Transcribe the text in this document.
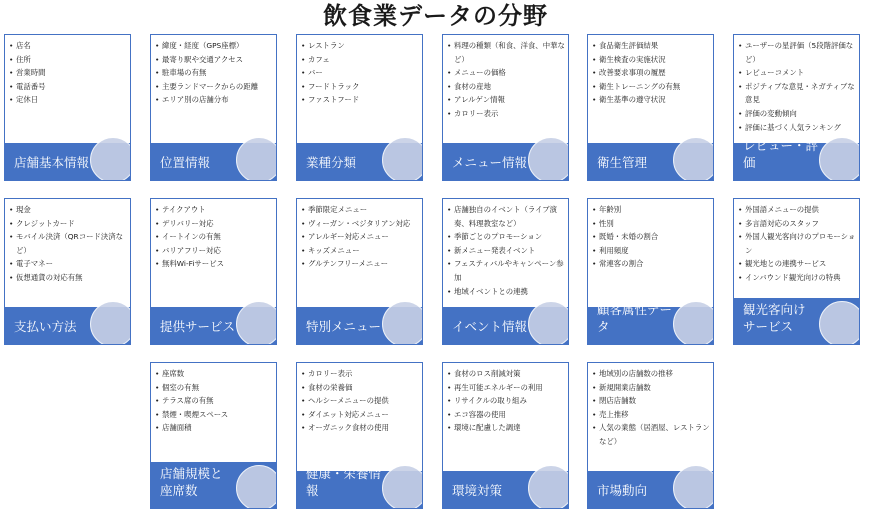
飲食業データの分野
• 店名
• 住所
• 営業時間
• 電話番号
• 定休日
店舗基本情報
• 緯度・経度（GPS座標）
• 最寄り駅や交通アクセス
• 駐車場の有無
• 主要ランドマークからの距離
• エリア別の店舗分布
位置情報
• レストラン
• カフェ
• バー
• フードトラック
• ファストフード
業種分類
• 料理の種類（和食、洋食、中華など）
• メニューの価格
• 食材の産地
• アレルゲン情報
• カロリー表示
メニュー情報
• 食品衛生評価結果
• 衛生検査の実施状況
• 改善要求事項の履歴
• 衛生トレーニングの有無
• 衛生基準の遵守状況
衛生管理
• ユーザーの星評価（5段階評価など）
• レビューコメント
• ポジティブな意見・ネガティブな意見
• 評価の変動傾向
• 評価に基づく人気ランキング
レビュー・評価
• 現金
• クレジットカード
• モバイル決済（QRコード決済など）
• 電子マネー
• 仮想通貨の対応有無
支払い方法
• テイクアウト
• デリバリー対応
• イートインの有無
• バリアフリー対応
• 無料Wi-Fiサービス
提供サービス
• 季節限定メニュー
• ヴィーガン・ベジタリアン対応
• アレルギー対応メニュー
• キッズメニュー
• グルテンフリーメニュー
特別メニュー
• 店舗独自のイベント（ライブ演奏、料理教室など）
• 季節ごとのプロモーション
• 新メニュー発表イベント
• フェスティバルやキャンペーン参加
• 地域イベントとの連携
イベント情報
• 年齢別
• 性別
• 既婚・未婚の割合
• 利用頻度
• 常連客の割合
顧客属性データ
• 外国語メニューの提供
• 多言語対応のスタッフ
• 外国人観光客向けのプロモーション
• 観光地との連携サービス
• インバウンド観光向けの特典
観光客向け
サービス
• 座席数
• 個室の有無
• テラス席の有無
• 禁煙・喫煙スペース
• 店舗面積
店舗規模と
座席数
• カロリー表示
• 食材の栄養価
• ヘルシーメニューの提供
• ダイエット対応メニュー
• オーガニック食材の使用
健康・栄養情報
• 食材のロス削減対策
• 再生可能エネルギーの利用
• リサイクルの取り組み
• エコ容器の使用
• 環境に配慮した調達
環境対策
• 地域別の店舗数の推移
• 新規開業店舗数
• 閉店店舗数
• 売上推移
• 人気の業態（居酒屋、レストランなど）
市場動向
